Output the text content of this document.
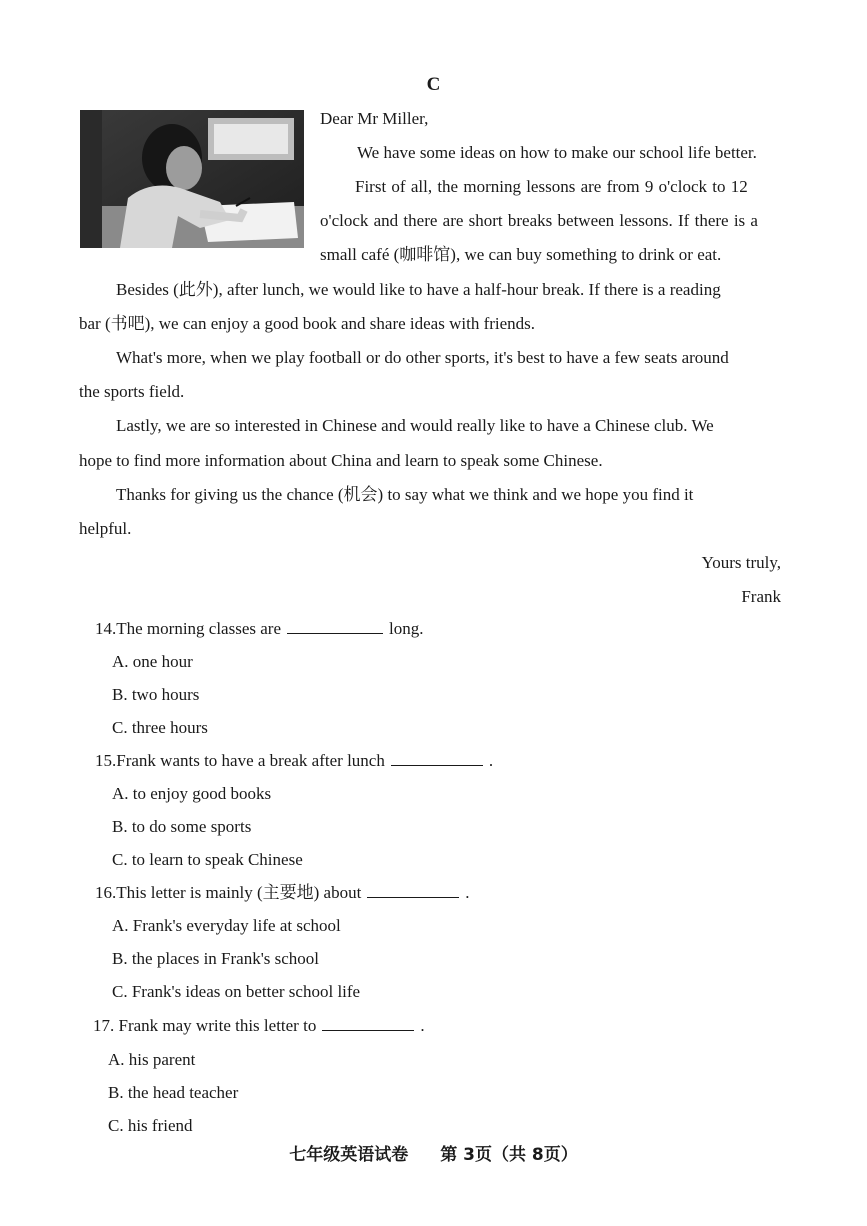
C
Dear Mr Miller,
We have some ideas on how to make our school life better.
First of all, the morning lessons are from 9 o'clock to 12
o'clock and there are short breaks between lessons. If there is a
small café (咖啡馆), we can buy something to drink or eat.
Besides (此外), after lunch, we would like to have a half-hour break. If there is a reading
bar (书吧), we can enjoy a good book and share ideas with friends.
What's more, when we play football or do other sports, it's best to have a few seats around
the sports field.
Lastly, we are so interested in Chinese and would really like to have a Chinese club. We
hope to find more information about China and learn to speak some Chinese.
Thanks for giving us the chance (机会) to say what we think and we hope you find it
helpful.
Yours truly,
Frank
14.The morning classes are	long.
A. one hour
B. two hours
C. three hours
15.Frank wants to have a break after lunch	.
A. to enjoy good books
B. to do some sports
C. to learn to speak Chinese
16.This letter is mainly (主要地) about	.
A. Frank's everyday life at school
B. the places in Frank's school
C. Frank's ideas on better school life
17. Frank may write this letter to	.
A. his parent
B. the head teacher
C. his friend
七年级英语试卷 第 3页（共 8页）
